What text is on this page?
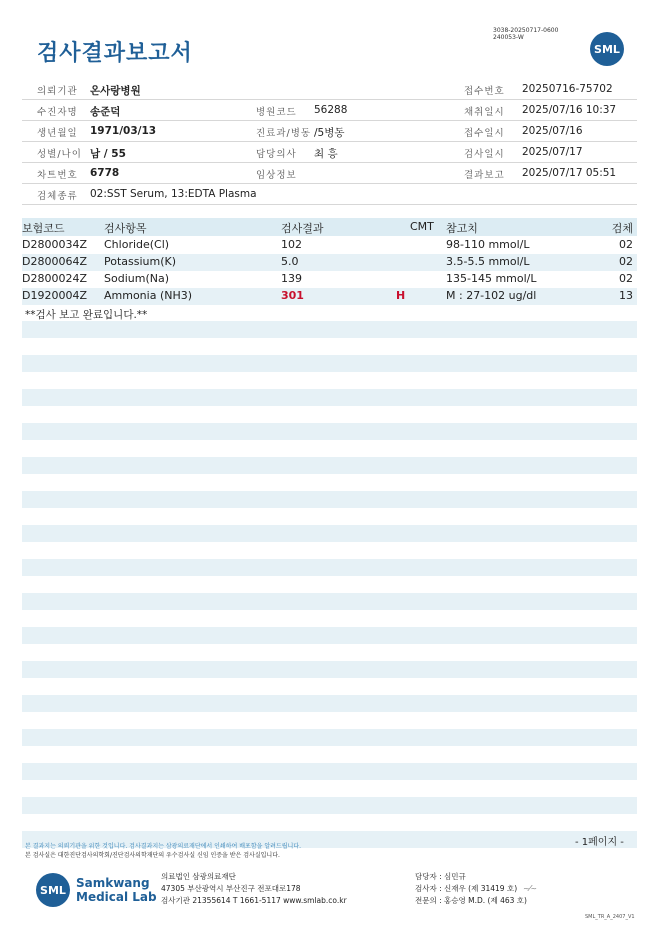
검사결과보고서
3038-20250717-0600
240053-W
SML
의뢰기관 온사랑병원	접수번호 20250716-75702
수진자명 송준덕	병원코드 56288	채취일시 2025/07/16 10:37
생년월일 1971/03/13	진료과/병동 /5병동	접수일시 2025/07/16
성별/나이 남 / 55	담당의사 최 흥	검사일시 2025/07/17
차트번호 6778	임상정보	결과보고 2025/07/17 05:51
검체종류 02:SST Serum, 13:EDTA Plasma
보험코드	검사항목	검사결과	CMT 참고치	검체
D2800034Z Chloride(Cl)	102	98-110 mmol/L	02
D2800064Z Potassium(K)	5.0	3.5-5.5 mmol/L	02
D2800024Z Sodium(Na)	139	135-145 mmol/L	02
D1920004Z Ammonia (NH3)	301	H	M : 27-102 ug/dl	13
**검사 보고 완료입니다.**
- 1페이지 -
본 결과지는 의뢰기관을 위한 것입니다. 검사결과지는 삼광의료재단에서 인쇄하여 배포함을 알려드립니다.
본 검사실은 대한진단검사의학회/진단검사의학재단의 우수검사실 신임 인증을 받은 검사실입니다.
SML Samkwang
Medical Lab
의료법인 삼광의료재단
47305 부산광역시 부산진구 전포대로178
검사기관 21355614 T 1661-5117 www.smlab.co.kr
담당자 : 심민규
검사자 : 신재우 (제 31419 호) ∼⁄∼
전문의 : 홍승영 M.D. (제 463 호)
SML_TR_A_2407_V1
